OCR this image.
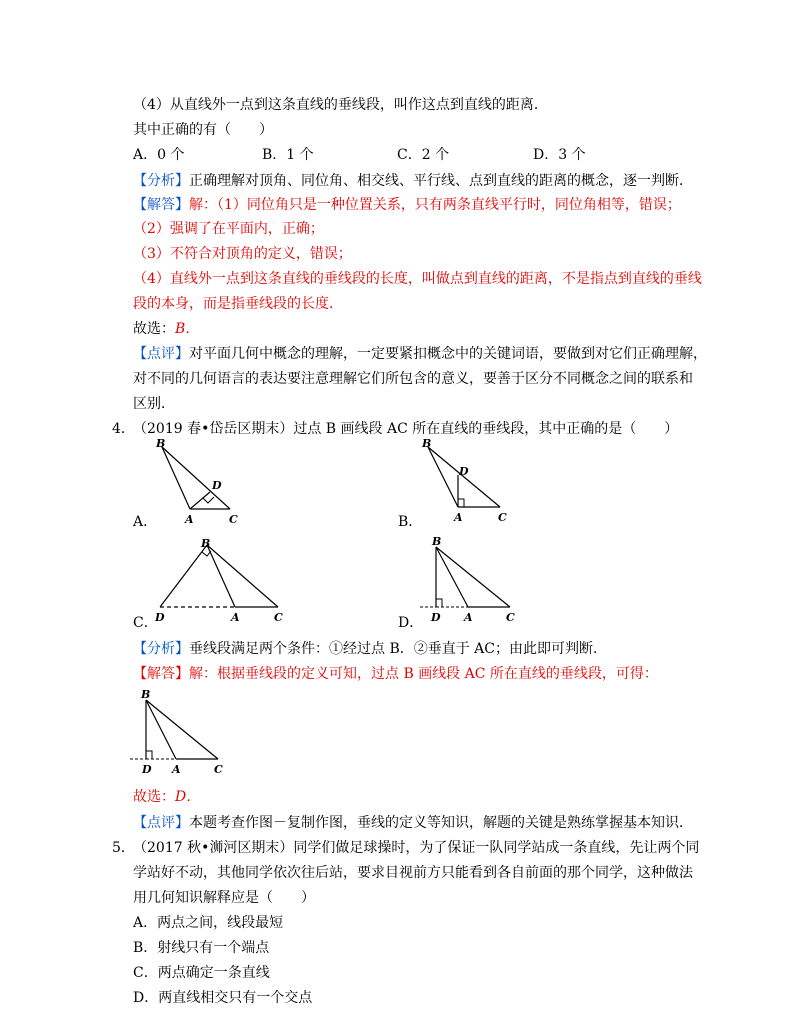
（4）从直线外一点到这条直线的垂线段，叫作这点到直线的距离．
其中正确的有（　　）
A．0 个	B．1 个	C．2 个	D．3 个
【分析】正确理解对顶角、同位角、相交线、平行线、点到直线的距离的概念，逐一判断．
【解答】解：（1）同位角只是一种位置关系，只有两条直线平行时，同位角相等，错误；
（2）强调了在平面内，正确；
（3）不符合对顶角的定义，错误；
（4）直线外一点到这条直线的垂线段的长度，叫做点到直线的距离，不是指点到直线的垂线
段的本身，而是指垂线段的长度．
故选：B．
【点评】对平面几何中概念的理解，一定要紧扣概念中的关键词语，要做到对它们正确理解，
对不同的几何语言的表达要注意理解它们所包含的意义，要善于区分不同概念之间的联系和
区别．
4．
（2019 春•岱岳区期末）过点 B 画线段 AC 所在直线的垂线段，其中正确的是（　　）
A．
B
D
A	C	B．
B
D
A	C
C．
B
D	A	C	D．
B
D A	C
【分析】垂线段满足两个条件：①经过点 B．②垂直于 AC；由此即可判断．
【解答】解：根据垂线段的定义可知，过点 B 画线段 AC 所在直线的垂线段，可得：
B
D A	C
故选：D．
【点评】本题考查作图－复制作图，垂线的定义等知识，解题的关键是熟练掌握基本知识．
5．
（2017 秋•浉河区期末）同学们做足球操时，为了保证一队同学站成一条直线，先让两个同
学站好不动，其他同学依次往后站，要求目视前方只能看到各自前面的那个同学，这种做法
用几何知识解释应是（　　）
A．两点之间，线段最短
B．射线只有一个端点
C．两点确定一条直线
D．两直线相交只有一个交点
